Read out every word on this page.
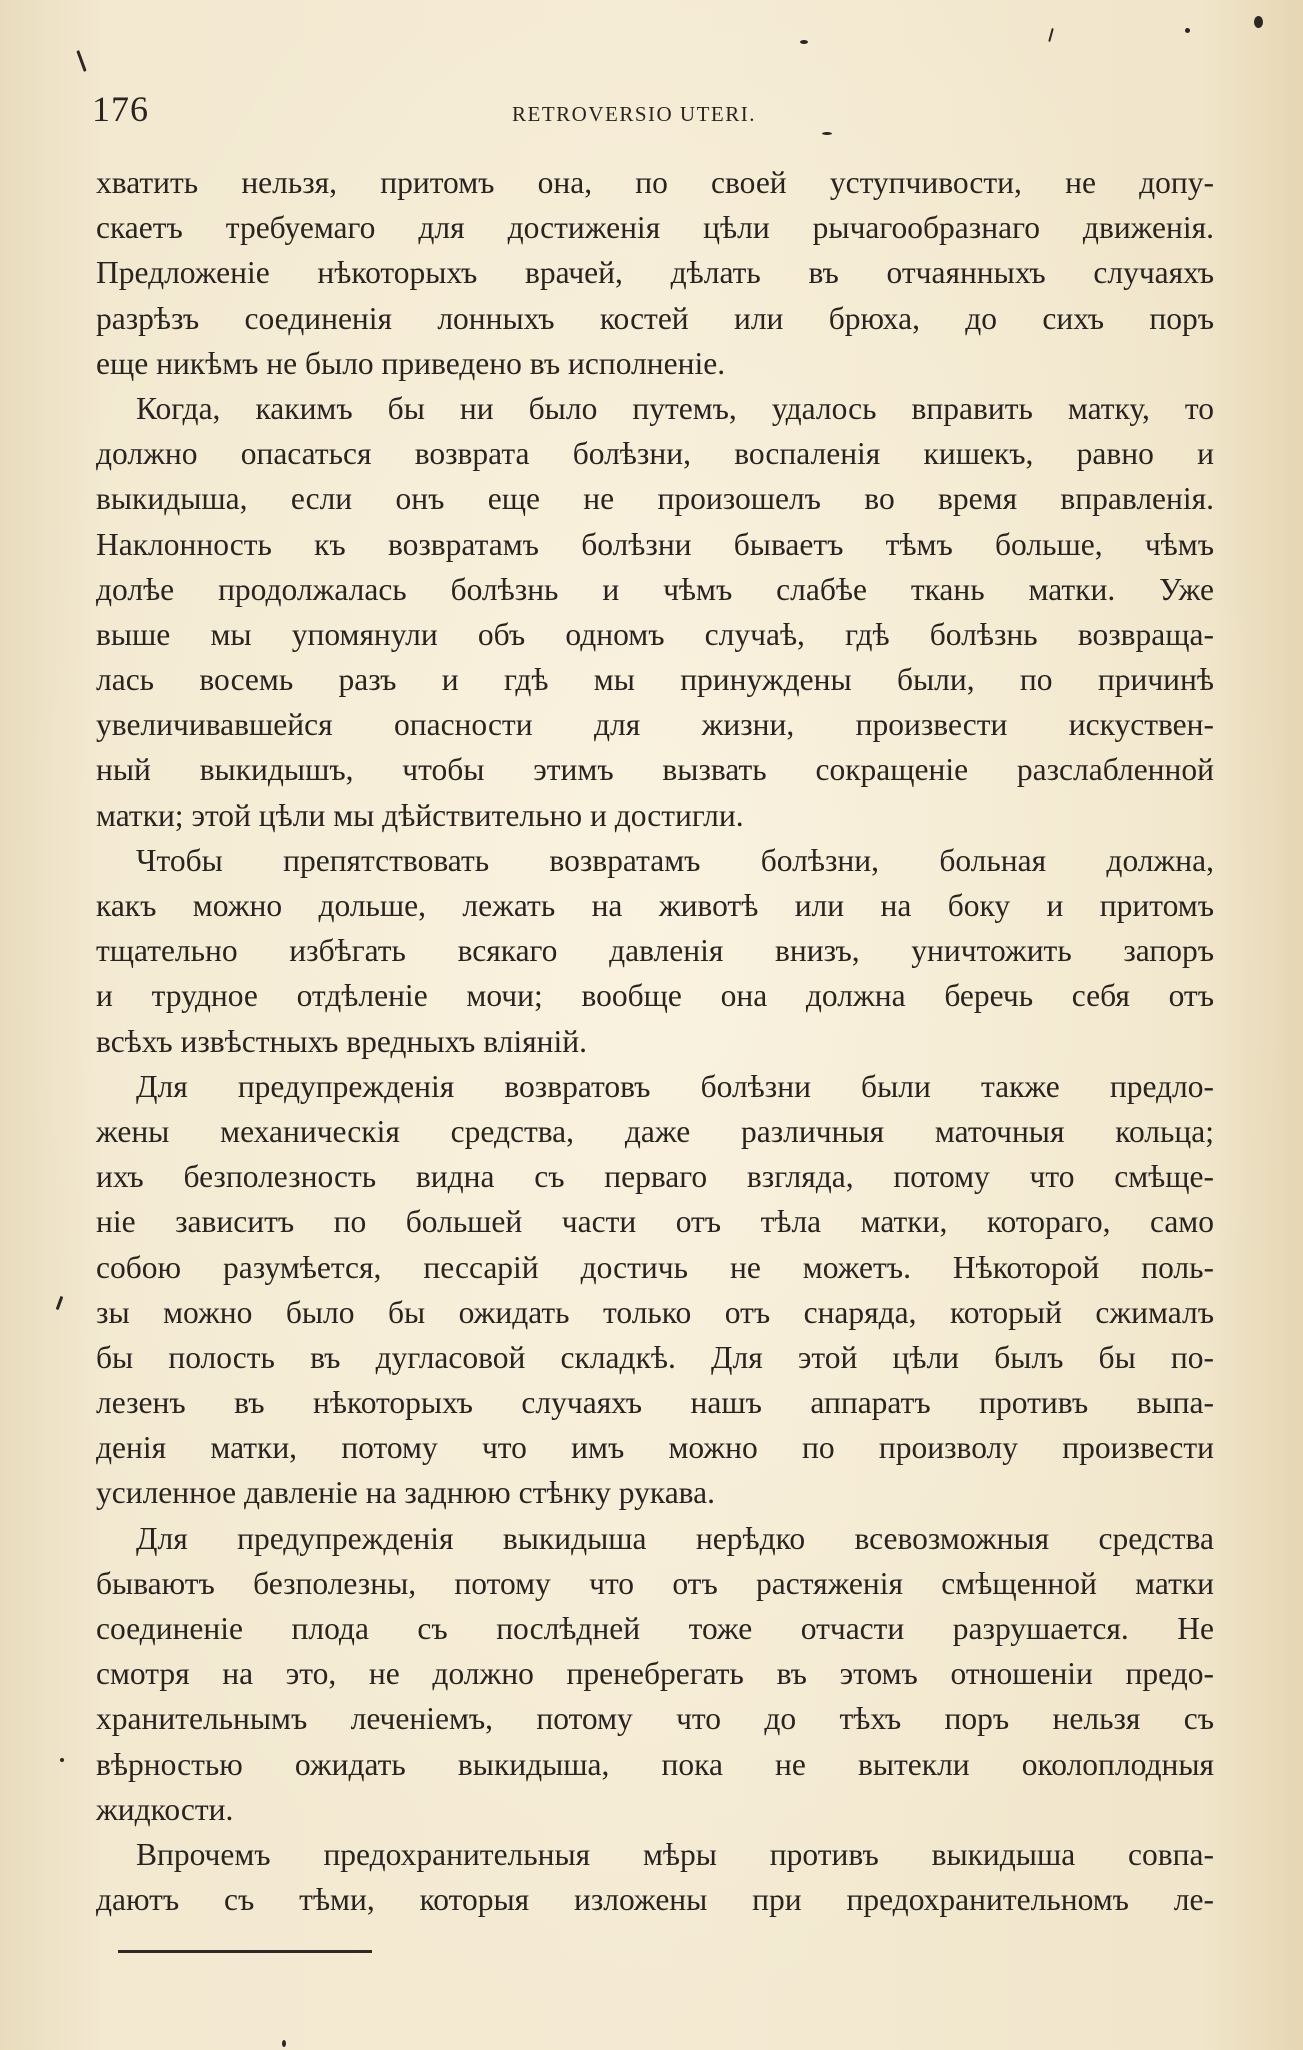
176	RETROVERSIO UTERI.
хватить нельзя, притомъ она, по своей уступчивости, не допу-
скаетъ требуемаго для достиженія цѣли рычагообразнаго движенія.
Предложеніе нѣкоторыхъ врачей, дѣлать въ отчаянныхъ случаяхъ
разрѣзъ соединенія лонныхъ костей или брюха, до сихъ поръ
еще никѣмъ не было приведено въ исполненіе.
Когда, какимъ бы ни было путемъ, удалось вправить матку, то
должно опасаться возврата болѣзни, воспаленія кишекъ, равно и
выкидыша, если онъ еще не произошелъ во время вправленія.
Наклонность къ возвратамъ болѣзни бываетъ тѣмъ больше, чѣмъ
долѣе продолжалась болѣзнь и чѣмъ слабѣе ткань матки. Уже
выше мы упомянули объ одномъ случаѣ, гдѣ болѣзнь возвраща-
лась восемь разъ и гдѣ мы принуждены были, по причинѣ
увеличивавшейся опасности для жизни, произвести искуствен-
ный выкидышъ, чтобы этимъ вызвать сокращеніе разслабленной
матки; этой цѣли мы дѣйствительно и достигли.
Чтобы препятствовать возвратамъ болѣзни, больная должна,
какъ можно дольше, лежать на животѣ или на боку и притомъ
тщательно избѣгать всякаго давленія внизъ, уничтожить запоръ
и трудное отдѣленіе мочи; вообще она должна беречь себя отъ
всѣхъ извѣстныхъ вредныхъ вліяній.
Для предупрежденія возвратовъ болѣзни были также предло-
жены механическія средства, даже различныя маточныя кольца;
ихъ безполезность видна съ перваго взгляда, потому что смѣще-
ніе зависитъ по большей части отъ тѣла матки, котораго, само
собою разумѣется, пессарій достичь не можетъ. Нѣкоторой поль-
зы можно было бы ожидать только отъ снаряда, который сжималъ
бы полость въ дугласовой складкѣ. Для этой цѣли былъ бы по-
лезенъ въ нѣкоторыхъ случаяхъ нашъ аппаратъ противъ выпа-
денія матки, потому что имъ можно по произволу произвести
усиленное давленіе на заднюю стѣнку рукава.
Для предупрежденія выкидыша нерѣдко всевозможныя средства
бываютъ безполезны, потому что отъ растяженія смѣщенной матки
соединеніе плода съ послѣдней тоже отчасти разрушается. Не
смотря на это, не должно пренебрегать въ этомъ отношеніи предо-
хранительнымъ леченіемъ, потому что до тѣхъ поръ нельзя съ
вѣрностью ожидать выкидыша, пока не вытекли околоплодныя
жидкости.
Впрочемъ предохранительныя мѣры противъ выкидыша совпа-
даютъ съ тѣми, которыя изложены при предохранительномъ ле-
